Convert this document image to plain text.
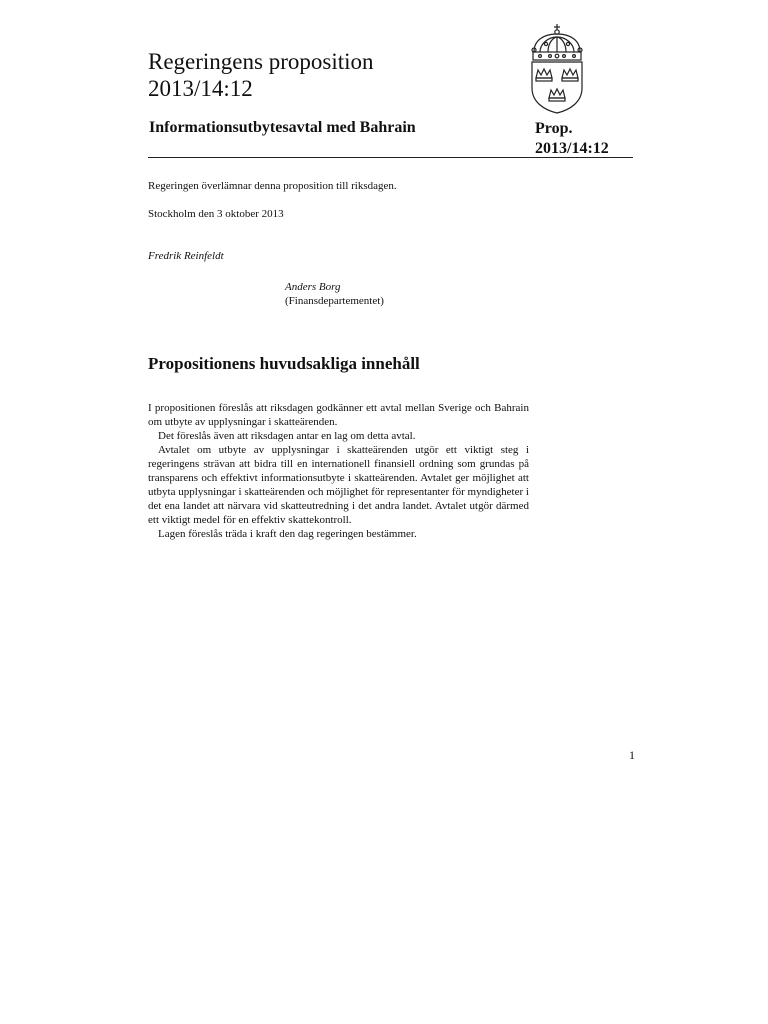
Regeringens proposition
2013/14:12
Informationsutbytesavtal med Bahrain	Prop.
2013/14:12
Regeringen överlämnar denna proposition till riksdagen.
Stockholm den 3 oktober 2013
Fredrik Reinfeldt
Anders Borg
(Finansdepartementet)
Propositionens huvudsakliga innehåll

I propositionen föreslås att riksdagen godkänner ett avtal mellan Sverige och Bahrain om utbyte av upplysningar i skatteärenden.

Det föreslås även att riksdagen antar en lag om detta avtal.

Avtalet om utbyte av upplysningar i skatteärenden utgör ett viktigt steg i regeringens strävan att bidra till en internationell finansiell ordning som grundas på transparens och effektivt informationsutbyte i skatteärenden. Avtalet ger möjlighet att utbyta upplysningar i skatteärenden och möjlighet för representanter för myndigheter i det ena landet att närvara vid skatteutredning i det andra landet. Avtalet utgör därmed ett viktigt medel för en effektiv skattekontroll.

Lagen föreslås träda i kraft den dag regeringen bestämmer.

1
